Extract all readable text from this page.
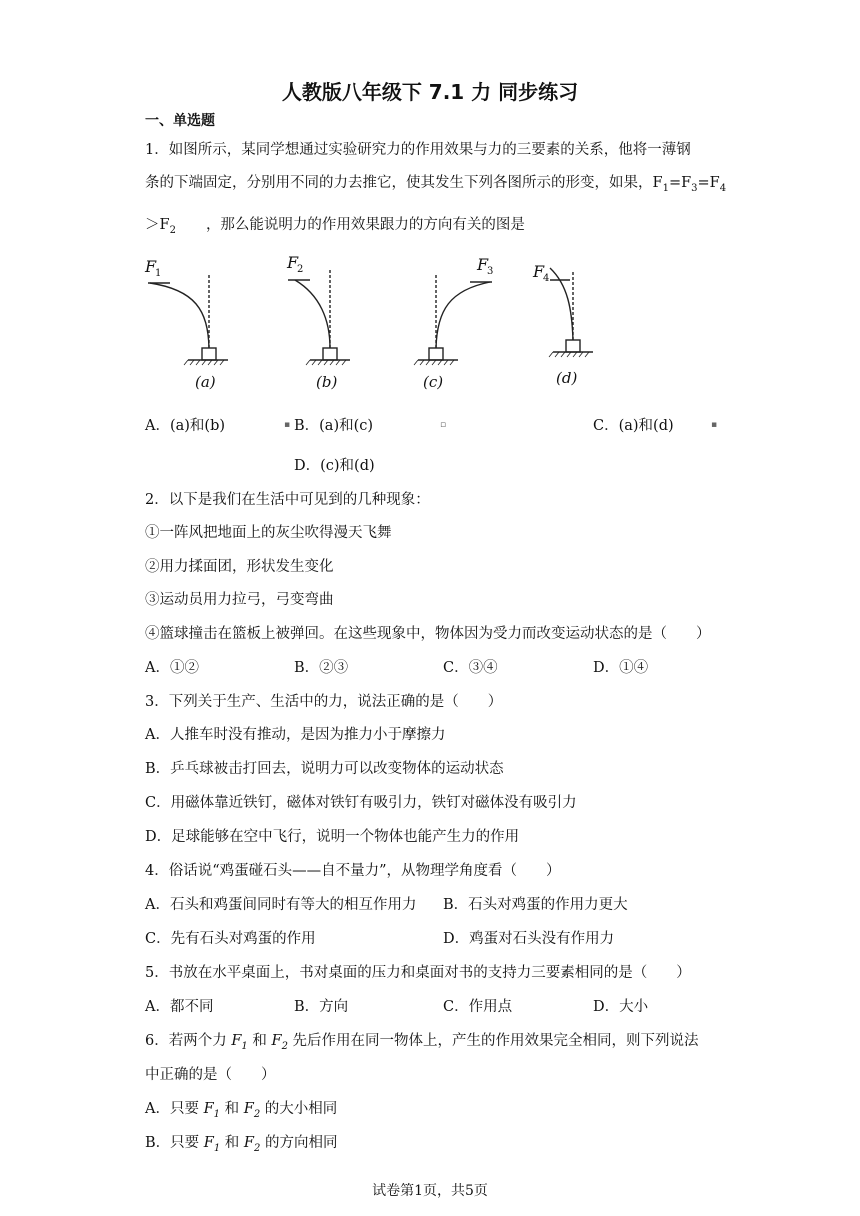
人教版八年级下 7.1 力 同步练习
一、单选题
1．如图所示，某同学想通过实验研究力的作用效果与力的三要素的关系，他将一薄钢
条的下端固定，分别用不同的力去推它，使其发生下列各图所示的形变，如果，$F_1=F_3=F_4$
$>F_2$ ，那么能说明力的作用效果跟力的方向有关的图是
F
1
(a)
F
2
(b)
F
3
(c)
F
4
(d)
A．(a)和(b)	▪ B．(a)和(c)	▫	C．(a)和(d)	▪
D．(c)和(d)
2．以下是我们在生活中可见到的几种现象：
①一阵风把地面上的灰尘吹得漫天飞舞
②用力揉面团，形状发生变化
③运动员用力拉弓，弓变弯曲
④篮球撞击在篮板上被弹回。在这些现象中，物体因为受力而改变运动状态的是（　　）
A．①②	B．②③	C．③④	D．①④
3．下列关于生产、生活中的力，说法正确的是（　　）
A．人推车时没有推动，是因为推力小于摩擦力
B．乒乓球被击打回去，说明力可以改变物体的运动状态
C．用磁体靠近铁钉，磁体对铁钉有吸引力，铁钉对磁体没有吸引力
D．足球能够在空中飞行，说明一个物体也能产生力的作用
4．俗话说“鸡蛋碰石头——自不量力”，从物理学角度看（　　）
A．石头和鸡蛋间同时有等大的相互作用力 B．石头对鸡蛋的作用力更大
C．先有石头对鸡蛋的作用	D．鸡蛋对石头没有作用力
5．书放在水平桌面上，书对桌面的压力和桌面对书的支持力三要素相同的是（　　）
A．都不同	B．方向	C．作用点	D．大小
6．若两个力 $F_1$ 和 $F_2$ 先后作用在同一物体上，产生的作用效果完全相同，则下列说法
中正确的是（　　）
A．只要 $F_1$ 和 $F_2$ 的大小相同
B．只要 $F_1$ 和 $F_2$ 的方向相同
试卷第1页，共5页
